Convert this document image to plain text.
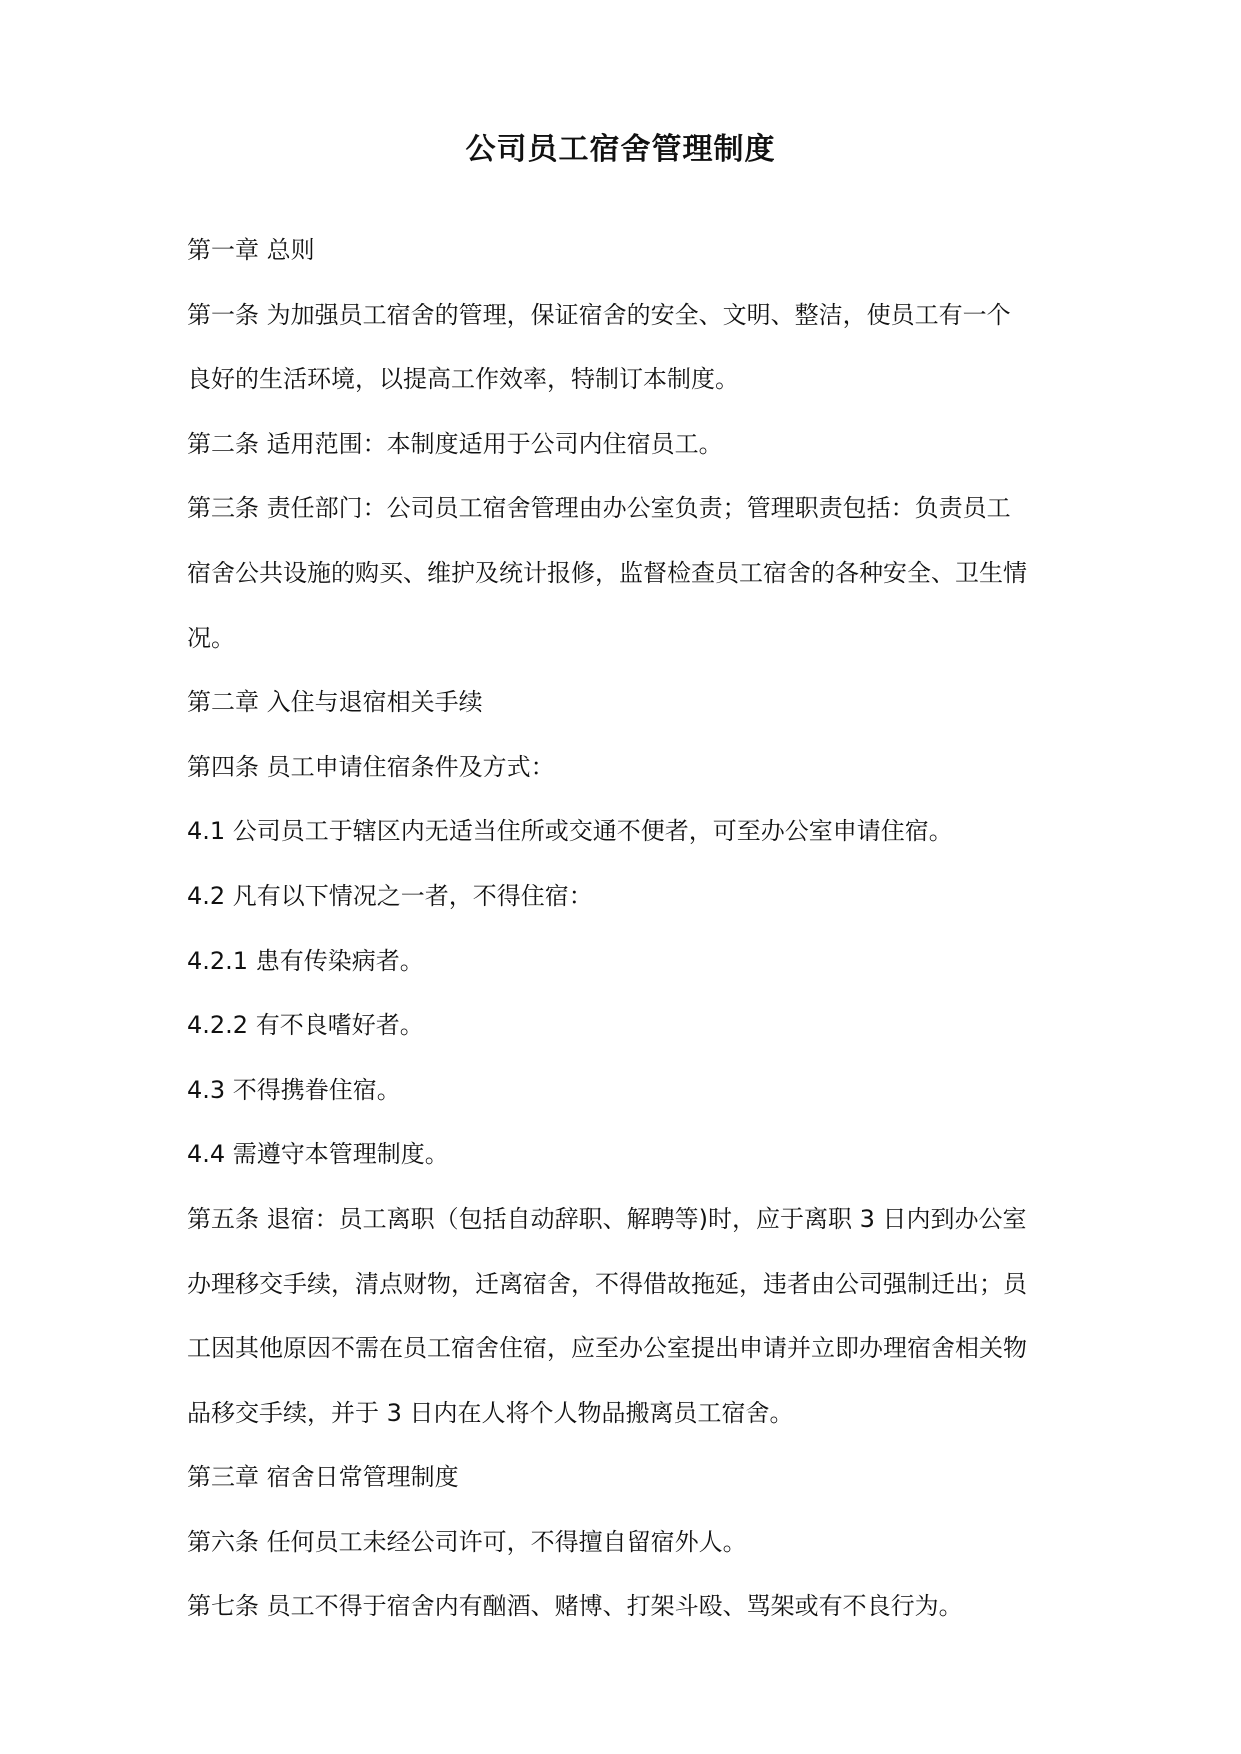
公司员工宿舍管理制度

第一章 总则

第一条 为加强员工宿舍的管理，保证宿舍的安全、文明、整洁，使员工有一个

良好的生活环境，以提高工作效率，特制订本制度。

第二条 适用范围：本制度适用于公司内住宿员工。

第三条 责任部门：公司员工宿舍管理由办公室负责；管理职责包括：负责员工

宿舍公共设施的购买、维护及统计报修，监督检查员工宿舍的各种安全、卫生情

况。

第二章 入住与退宿相关手续

第四条 员工申请住宿条件及方式：

4.1 公司员工于辖区内无适当住所或交通不便者，可至办公室申请住宿。

4.2 凡有以下情况之一者，不得住宿：

4.2.1 患有传染病者。

4.2.2 有不良嗜好者。

4.3 不得携眷住宿。

4.4 需遵守本管理制度。

第五条 退宿：员工离职（包括自动辞职、解聘等)时，应于离职 3 日内到办公室

办理移交手续，清点财物，迁离宿舍，不得借故拖延，违者由公司强制迁出；员

工因其他原因不需在员工宿舍住宿，应至办公室提出申请并立即办理宿舍相关物

品移交手续，并于 3 日内在人将个人物品搬离员工宿舍。

第三章 宿舍日常管理制度

第六条 任何员工未经公司许可，不得擅自留宿外人。

第七条 员工不得于宿舍内有酗酒、赌博、打架斗殴、骂架或有不良行为。
